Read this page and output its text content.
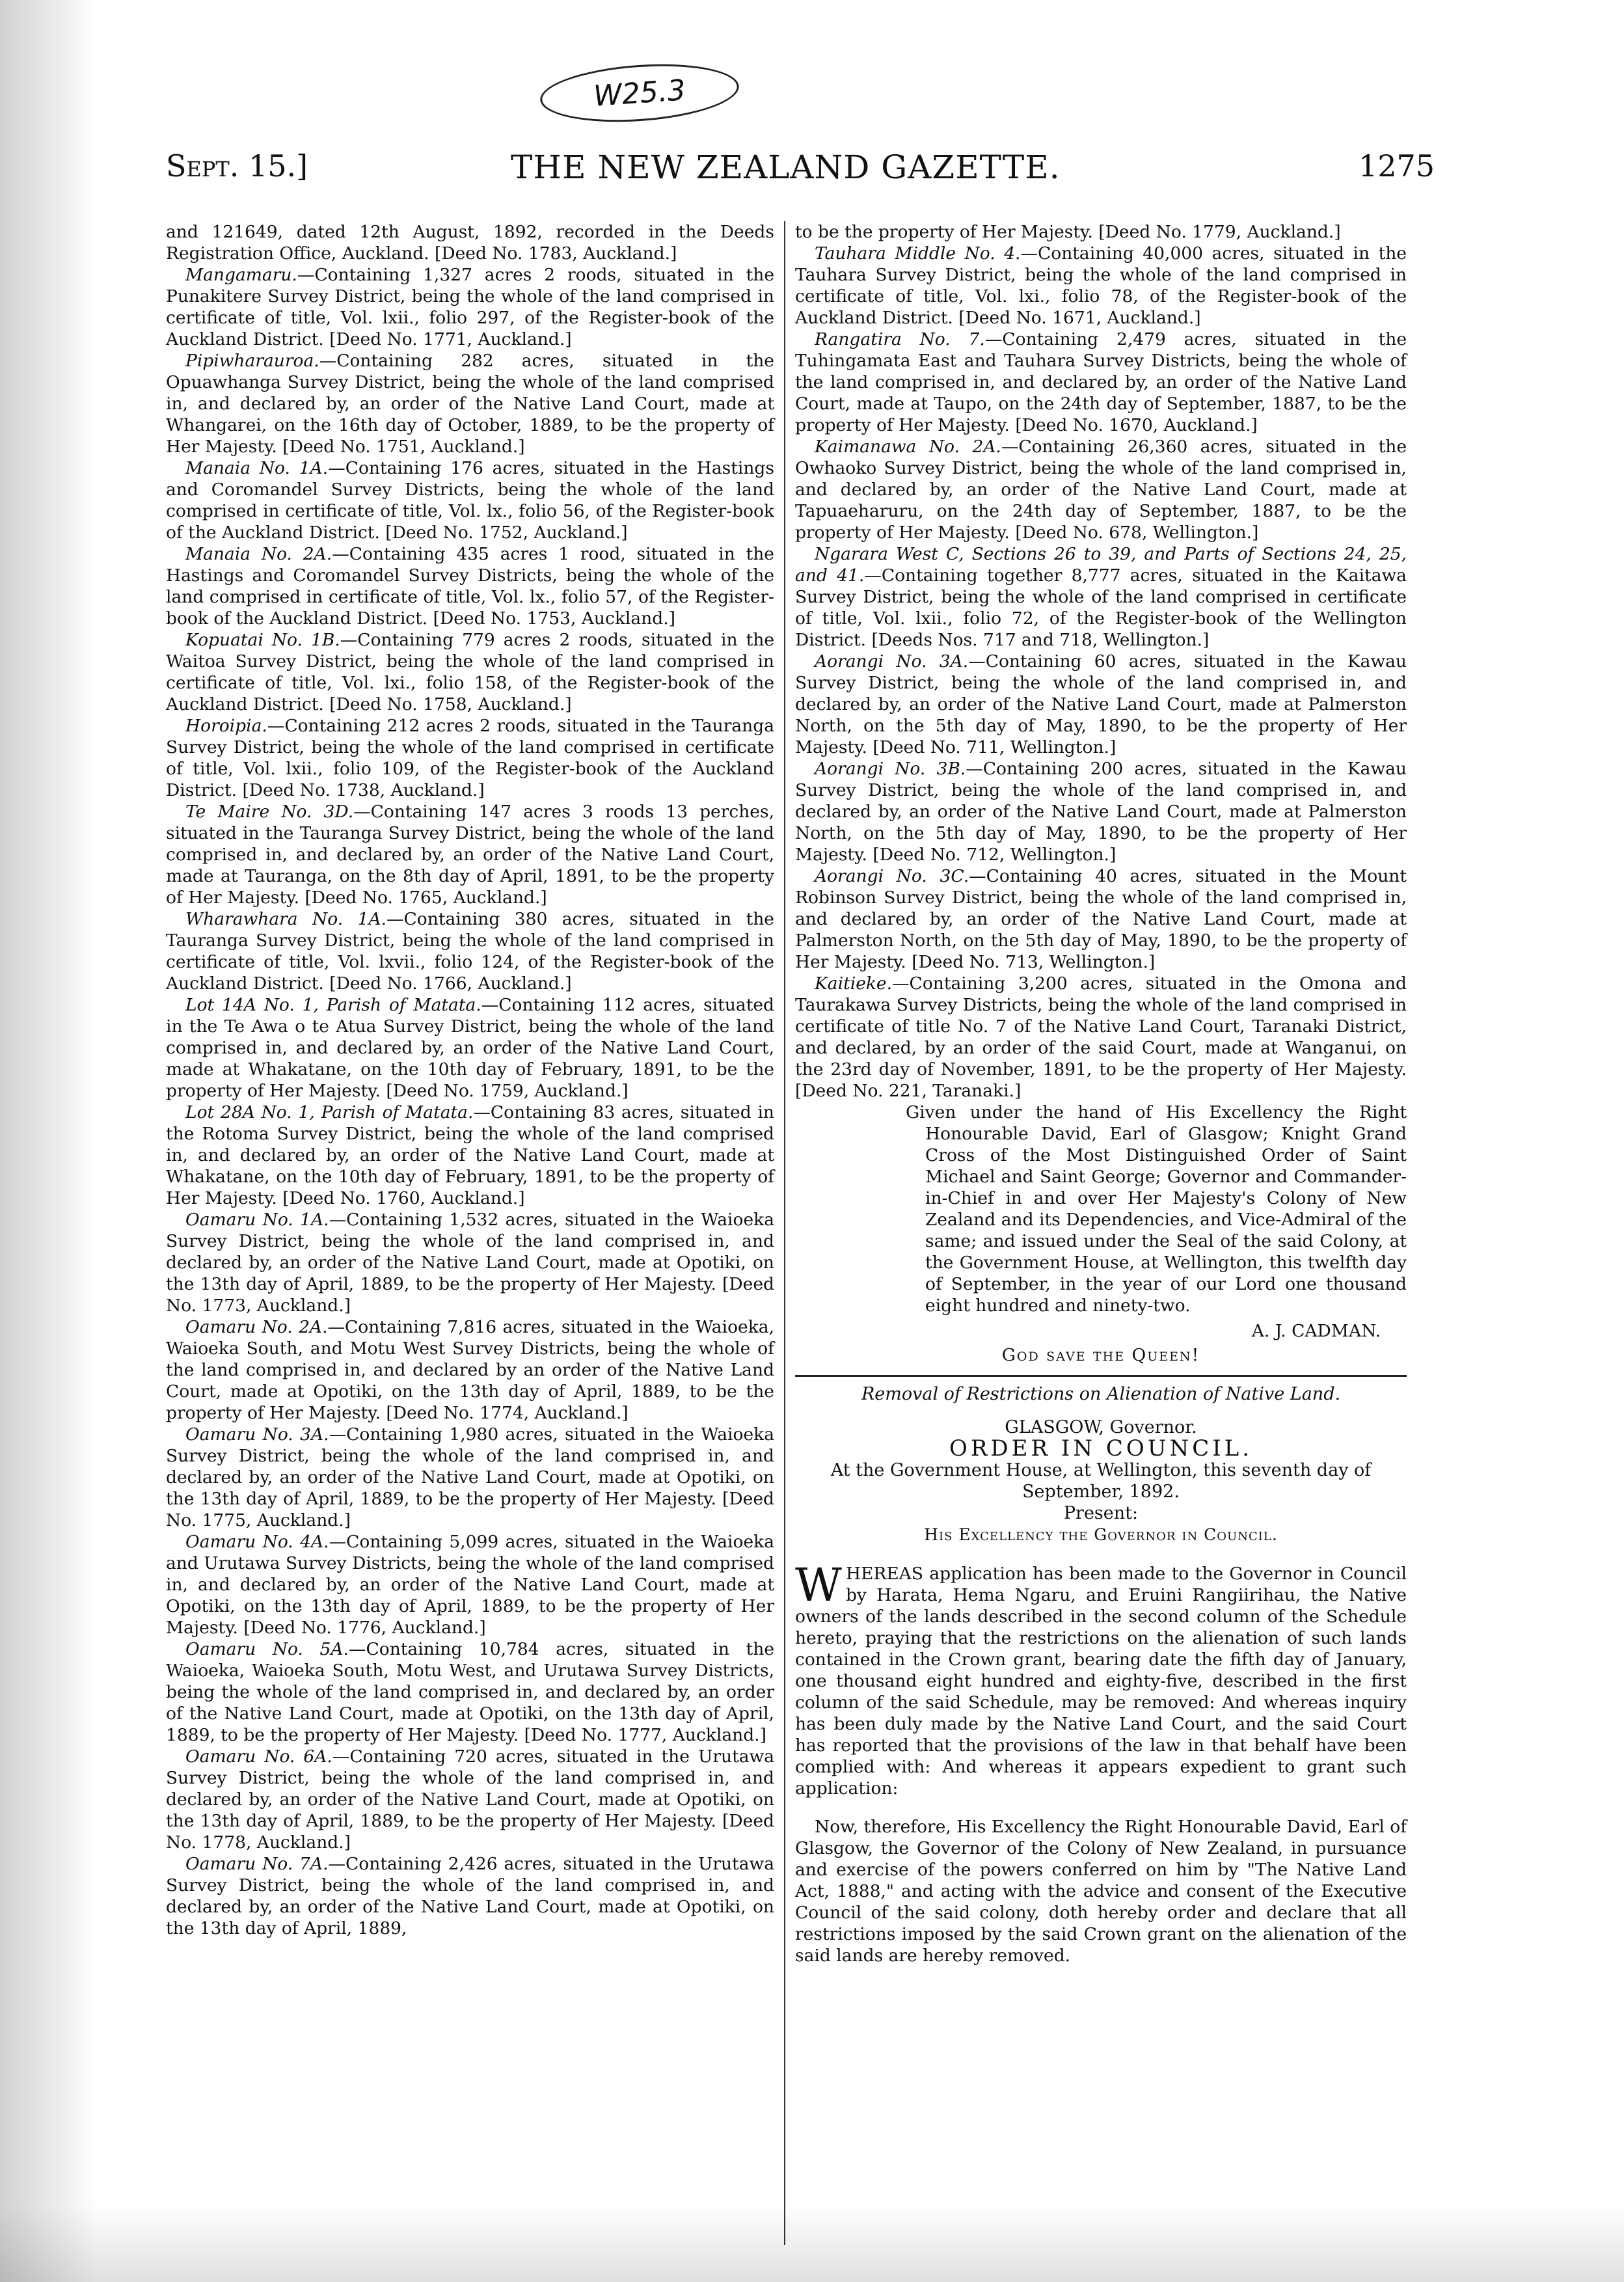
W25.3
Sept. 15.]	THE NEW ZEALAND GAZETTE.	1275

and 121649, dated 12th August, 1892, recorded in the Deeds Registration Office, Auckland. [Deed No. 1783, Auckland.]

Mangamaru.—Containing 1,327 acres 2 roods, situated in the Punakitere Survey District, being the whole of the land comprised in certificate of title, Vol. lxii., folio 297, of the Register-book of the Auckland District. [Deed No. 1771, Auckland.]

Pipiwharauroa.—Containing 282 acres, situated in the Opuawhanga Survey District, being the whole of the land comprised in, and declared by, an order of the Native Land Court, made at Whangarei, on the 16th day of October, 1889, to be the property of Her Majesty. [Deed No. 1751, Auckland.]

Manaia No. 1A.—Containing 176 acres, situated in the Hastings and Coromandel Survey Districts, being the whole of the land comprised in certificate of title, Vol. lx., folio 56, of the Register-book of the Auckland District. [Deed No. 1752, Auckland.]

Manaia No. 2A.—Containing 435 acres 1 rood, situated in the Hastings and Coromandel Survey Districts, being the whole of the land comprised in certificate of title, Vol. lx., folio 57, of the Register-book of the Auckland District. [Deed No. 1753, Auckland.]

Kopuatai No. 1B.—Containing 779 acres 2 roods, situated in the Waitoa Survey District, being the whole of the land comprised in certificate of title, Vol. lxi., folio 158, of the Register-book of the Auckland District. [Deed No. 1758, Auckland.]

Horoipia.—Containing 212 acres 2 roods, situated in the Tauranga Survey District, being the whole of the land comprised in certificate of title, Vol. lxii., folio 109, of the Register-book of the Auckland District. [Deed No. 1738, Auckland.]

Te Maire No. 3D.—Containing 147 acres 3 roods 13 perches, situated in the Tauranga Survey District, being the whole of the land comprised in, and declared by, an order of the Native Land Court, made at Tauranga, on the 8th day of April, 1891, to be the property of Her Majesty. [Deed No. 1765, Auckland.]

Wharawhara No. 1A.—Containing 380 acres, situated in the Tauranga Survey District, being the whole of the land comprised in certificate of title, Vol. lxvii., folio 124, of the Register-book of the Auckland District. [Deed No. 1766, Auckland.]

Lot 14A No. 1, Parish of Matata.—Containing 112 acres, situated in the Te Awa o te Atua Survey District, being the whole of the land comprised in, and declared by, an order of the Native Land Court, made at Whakatane, on the 10th day of February, 1891, to be the property of Her Majesty. [Deed No. 1759, Auckland.]

Lot 28A No. 1, Parish of Matata.—Containing 83 acres, situated in the Rotoma Survey District, being the whole of the land comprised in, and declared by, an order of the Native Land Court, made at Whakatane, on the 10th day of February, 1891, to be the property of Her Majesty. [Deed No. 1760, Auckland.]

Oamaru No. 1A.—Containing 1,532 acres, situated in the Waioeka Survey District, being the whole of the land comprised in, and declared by, an order of the Native Land Court, made at Opotiki, on the 13th day of April, 1889, to be the property of Her Majesty. [Deed No. 1773, Auckland.]

Oamaru No. 2A.—Containing 7,816 acres, situated in the Waioeka, Waioeka South, and Motu West Survey Districts, being the whole of the land comprised in, and declared by an order of the Native Land Court, made at Opotiki, on the 13th day of April, 1889, to be the property of Her Majesty. [Deed No. 1774, Auckland.]

Oamaru No. 3A.—Containing 1,980 acres, situated in the Waioeka Survey District, being the whole of the land comprised in, and declared by, an order of the Native Land Court, made at Opotiki, on the 13th day of April, 1889, to be the property of Her Majesty. [Deed No. 1775, Auckland.]

Oamaru No. 4A.—Containing 5,099 acres, situated in the Waioeka and Urutawa Survey Districts, being the whole of the land comprised in, and declared by, an order of the Native Land Court, made at Opotiki, on the 13th day of April, 1889, to be the property of Her Majesty. [Deed No. 1776, Auckland.]

Oamaru No. 5A.—Containing 10,784 acres, situated in the Waioeka, Waioeka South, Motu West, and Urutawa Survey Districts, being the whole of the land comprised in, and declared by, an order of the Native Land Court, made at Opotiki, on the 13th day of April, 1889, to be the property of Her Majesty. [Deed No. 1777, Auckland.]

Oamaru No. 6A.—Containing 720 acres, situated in the Urutawa Survey District, being the whole of the land comprised in, and declared by, an order of the Native Land Court, made at Opotiki, on the 13th day of April, 1889, to be the property of Her Majesty. [Deed No. 1778, Auckland.]

Oamaru No. 7A.—Containing 2,426 acres, situated in the Urutawa Survey District, being the whole of the land comprised in, and declared by, an order of the Native Land Court, made at Opotiki, on the 13th day of April, 1889,

to be the property of Her Majesty. [Deed No. 1779, Auckland.]

Tauhara Middle No. 4.—Containing 40,000 acres, situated in the Tauhara Survey District, being the whole of the land comprised in certificate of title, Vol. lxi., folio 78, of the Register-book of the Auckland District. [Deed No. 1671, Auckland.]

Rangatira No. 7.—Containing 2,479 acres, situated in the Tuhingamata East and Tauhara Survey Districts, being the whole of the land comprised in, and declared by, an order of the Native Land Court, made at Taupo, on the 24th day of September, 1887, to be the property of Her Majesty. [Deed No. 1670, Auckland.]

Kaimanawa No. 2A.—Containing 26,360 acres, situated in the Owhaoko Survey District, being the whole of the land comprised in, and declared by, an order of the Native Land Court, made at Tapuaeharuru, on the 24th day of September, 1887, to be the property of Her Majesty. [Deed No. 678, Wellington.]

Ngarara West C, Sections 26 to 39, and Parts of Sections 24, 25, and 41.—Containing together 8,777 acres, situated in the Kaitawa Survey District, being the whole of the land comprised in certificate of title, Vol. lxii., folio 72, of the Register-book of the Wellington District. [Deeds Nos. 717 and 718, Wellington.]

Aorangi No. 3A.—Containing 60 acres, situated in the Kawau Survey District, being the whole of the land comprised in, and declared by, an order of the Native Land Court, made at Palmerston North, on the 5th day of May, 1890, to be the property of Her Majesty. [Deed No. 711, Wellington.]

Aorangi No. 3B.—Containing 200 acres, situated in the Kawau Survey District, being the whole of the land comprised in, and declared by, an order of the Native Land Court, made at Palmerston North, on the 5th day of May, 1890, to be the property of Her Majesty. [Deed No. 712, Wellington.]

Aorangi No. 3C.—Containing 40 acres, situated in the Mount Robinson Survey District, being the whole of the land comprised in, and declared by, an order of the Native Land Court, made at Palmerston North, on the 5th day of May, 1890, to be the property of Her Majesty. [Deed No. 713, Wellington.]

Kaitieke.—Containing 3,200 acres, situated in the Omona and Taurakawa Survey Districts, being the whole of the land comprised in certificate of title No. 7 of the Native Land Court, Taranaki District, and declared, by an order of the said Court, made at Wanganui, on the 23rd day of November, 1891, to be the property of Her Majesty. [Deed No. 221, Taranaki.]

Given under the hand of His Excellency the Right Honourable David, Earl of Glasgow; Knight Grand Cross of the Most Distinguished Order of Saint Michael and Saint George; Governor and Commander-in-Chief in and over Her Majesty's Colony of New Zealand and its Dependencies, and Vice-Admiral of the same; and issued under the Seal of the said Colony, at the Government House, at Wellington, this twelfth day of September, in the year of our Lord one thousand eight hundred and ninety-two.

A. J. CADMAN.
God save the Queen!
Removal of Restrictions on Alienation of Native Land.
GLASGOW, Governor.
ORDER IN COUNCIL.
At the Government House, at Wellington, this seventh day of September, 1892.
Present:
His Excellency the Governor in Council.

WHEREAS application has been made to the Governor in Council by Harata, Hema Ngaru, and Eruini Rangiirihau, the Native owners of the lands described in the second column of the Schedule hereto, praying that the restrictions on the alienation of such lands contained in the Crown grant, bearing date the fifth day of January, one thousand eight hundred and eighty-five, described in the first column of the said Schedule, may be removed: And whereas inquiry has been duly made by the Native Land Court, and the said Court has reported that the provisions of the law in that behalf have been complied with: And whereas it appears expedient to grant such application:

Now, therefore, His Excellency the Right Honourable David, Earl of Glasgow, the Governor of the Colony of New Zealand, in pursuance and exercise of the powers conferred on him by "The Native Land Act, 1888," and acting with the advice and consent of the Executive Council of the said colony, doth hereby order and declare that all restrictions imposed by the said Crown grant on the alienation of the said lands are hereby removed.
